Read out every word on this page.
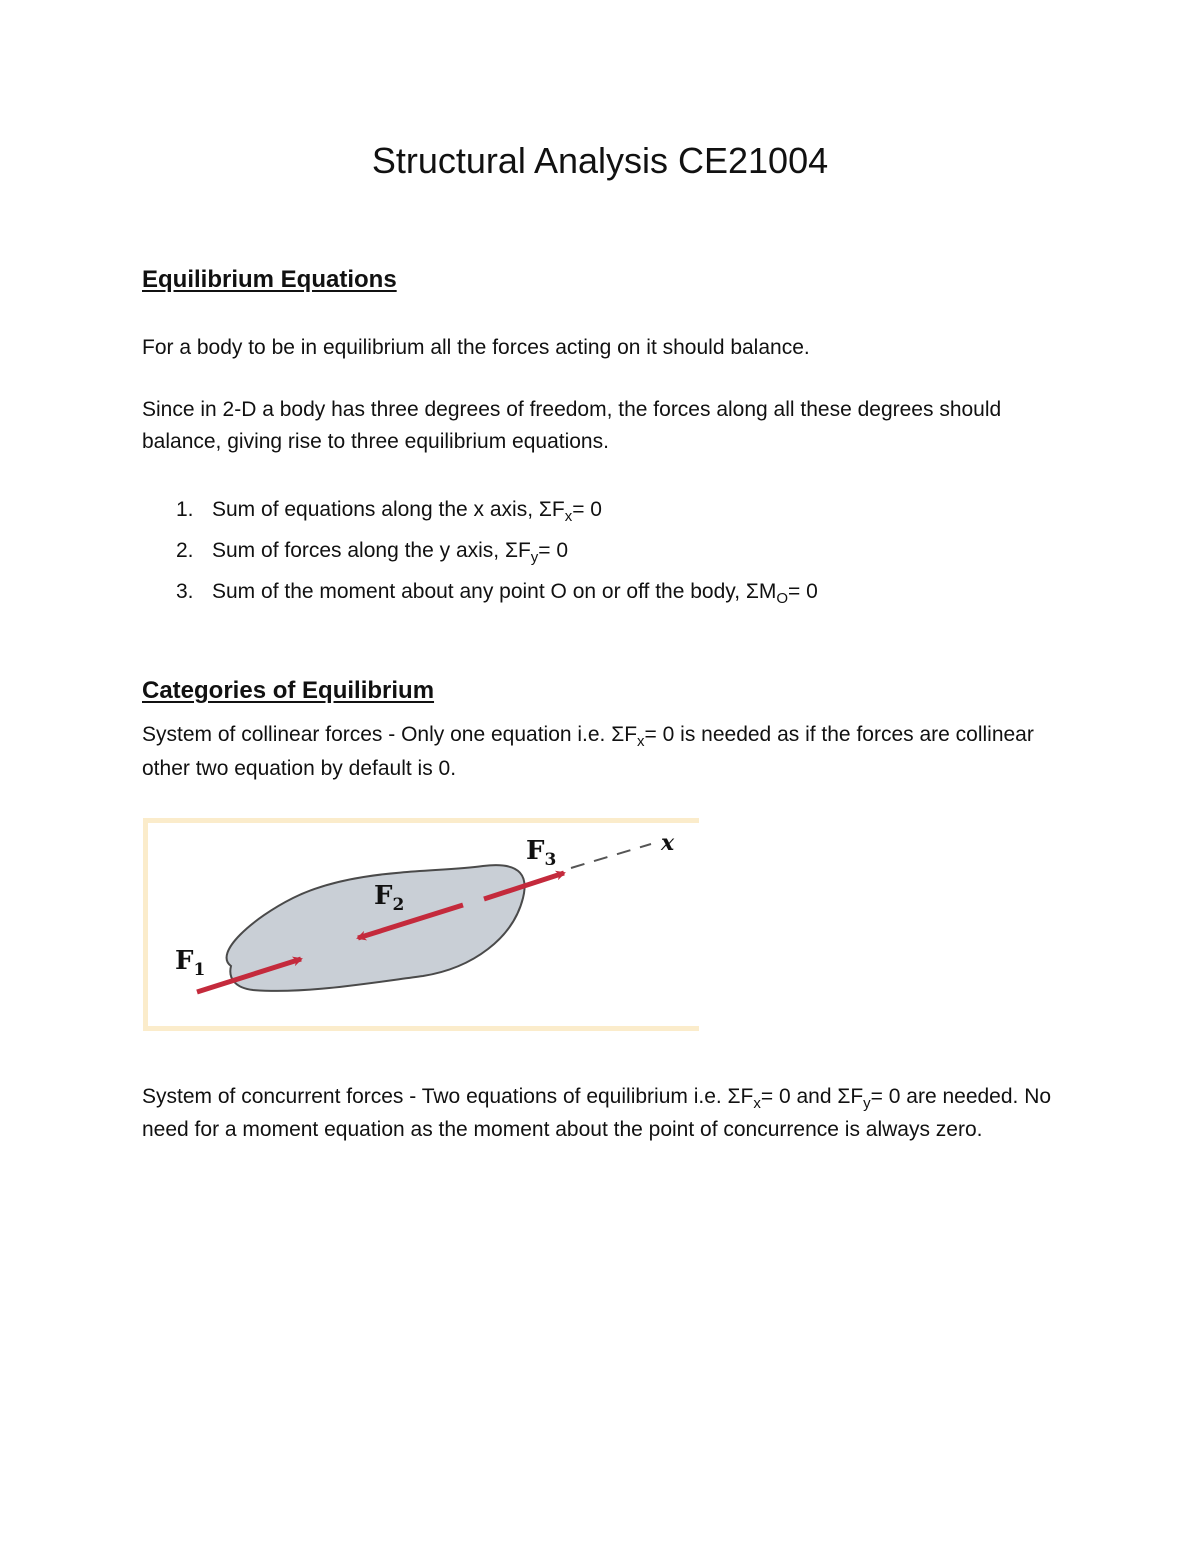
Structural Analysis CE21004
Equilibrium Equations

For a body to be in equilibrium all the forces acting on it should balance.

Since in 2-D a body has three degrees of freedom, the forces along all these degrees should balance, giving rise to three equilibrium equations.

1. Sum of equations along the x axis, $\Sigma F_x= 0$
2. Sum of forces along the y axis, $\Sigma F_y= 0$
3. Sum of the moment about any point O on or off the body, $\Sigma M_O= 0$
Categories of Equilibrium

System of collinear forces - Only one equation i.e. $\Sigma F_x= 0$ is needed as if the forces are collinear other two equation by default is 0.

$F_1$
$F_2$
$F_3$
x

System of concurrent forces - Two equations of equilibrium i.e. $\Sigma F_x= 0$ and $\Sigma F_y= 0$ are needed. No need for a moment equation as the moment about the point of concurrence is always zero.
